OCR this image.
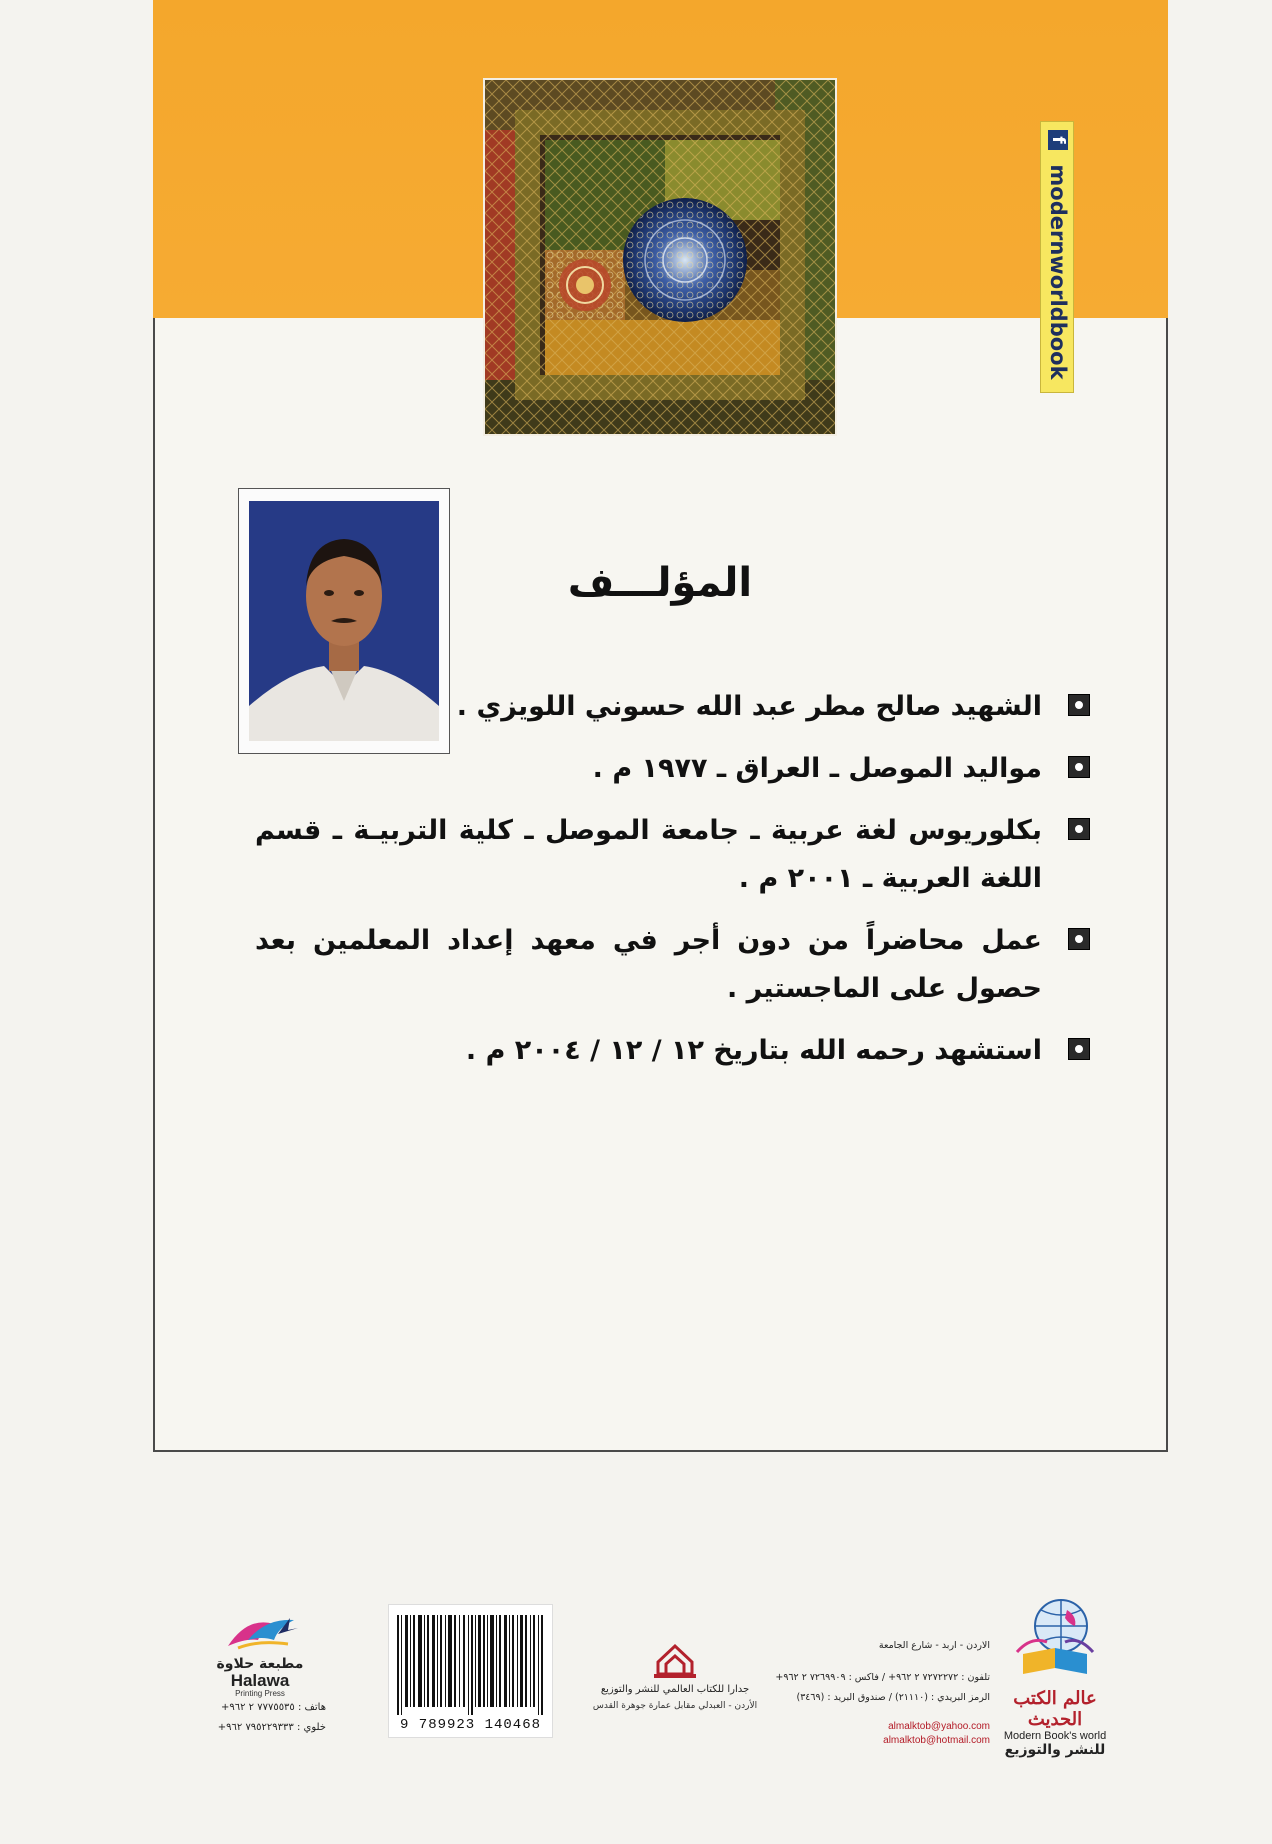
f
modernworldbook
المؤلـــف
الشهيد صالح مطر عبد الله حسوني اللويزي .
مواليد الموصل ـ العراق ـ ١٩٧٧ م .
بكلوريوس لغة عربية ـ جامعة الموصل ـ كلية التربيـة ـ قسم اللغة العربية ـ ٢٠٠١ م .
عمل محاضراً من دون أجر في معهد إعداد المعلمين بعد حصول على الماجستير .
استشهد رحمه الله بتاريخ ١٢ / ١٢ / ٢٠٠٤ م .
مطبعة حلاوة
Halawa
Printing Press
هاتف : ٧٧٧٥٥٣٥ ٢ ٩٦٢+
خلوي : ٧٩٥٢٢٩٣٣٣ ٩٦٢+	9 789923 140468
جدارا للكتاب العالمي للنشر والتوزيع
الأردن - العبدلي مقابل عمارة جوهرة القدس
الاردن - اربد - شارع الجامعة
تلفون : ٧٢٧٢٢٧٢ ٢ ٩٦٢+ / فاكس : ٧٢٦٩٩٠٩ ٢ ٩٦٢+
الرمز البريدي : (٢١١١٠) / صندوق البريد : (٣٤٦٩)
almalktob@yahoo.com
almalktob@hotmail.com
عالم الكتب الحديث
Modern Book's world
للنشر والتوزيع
